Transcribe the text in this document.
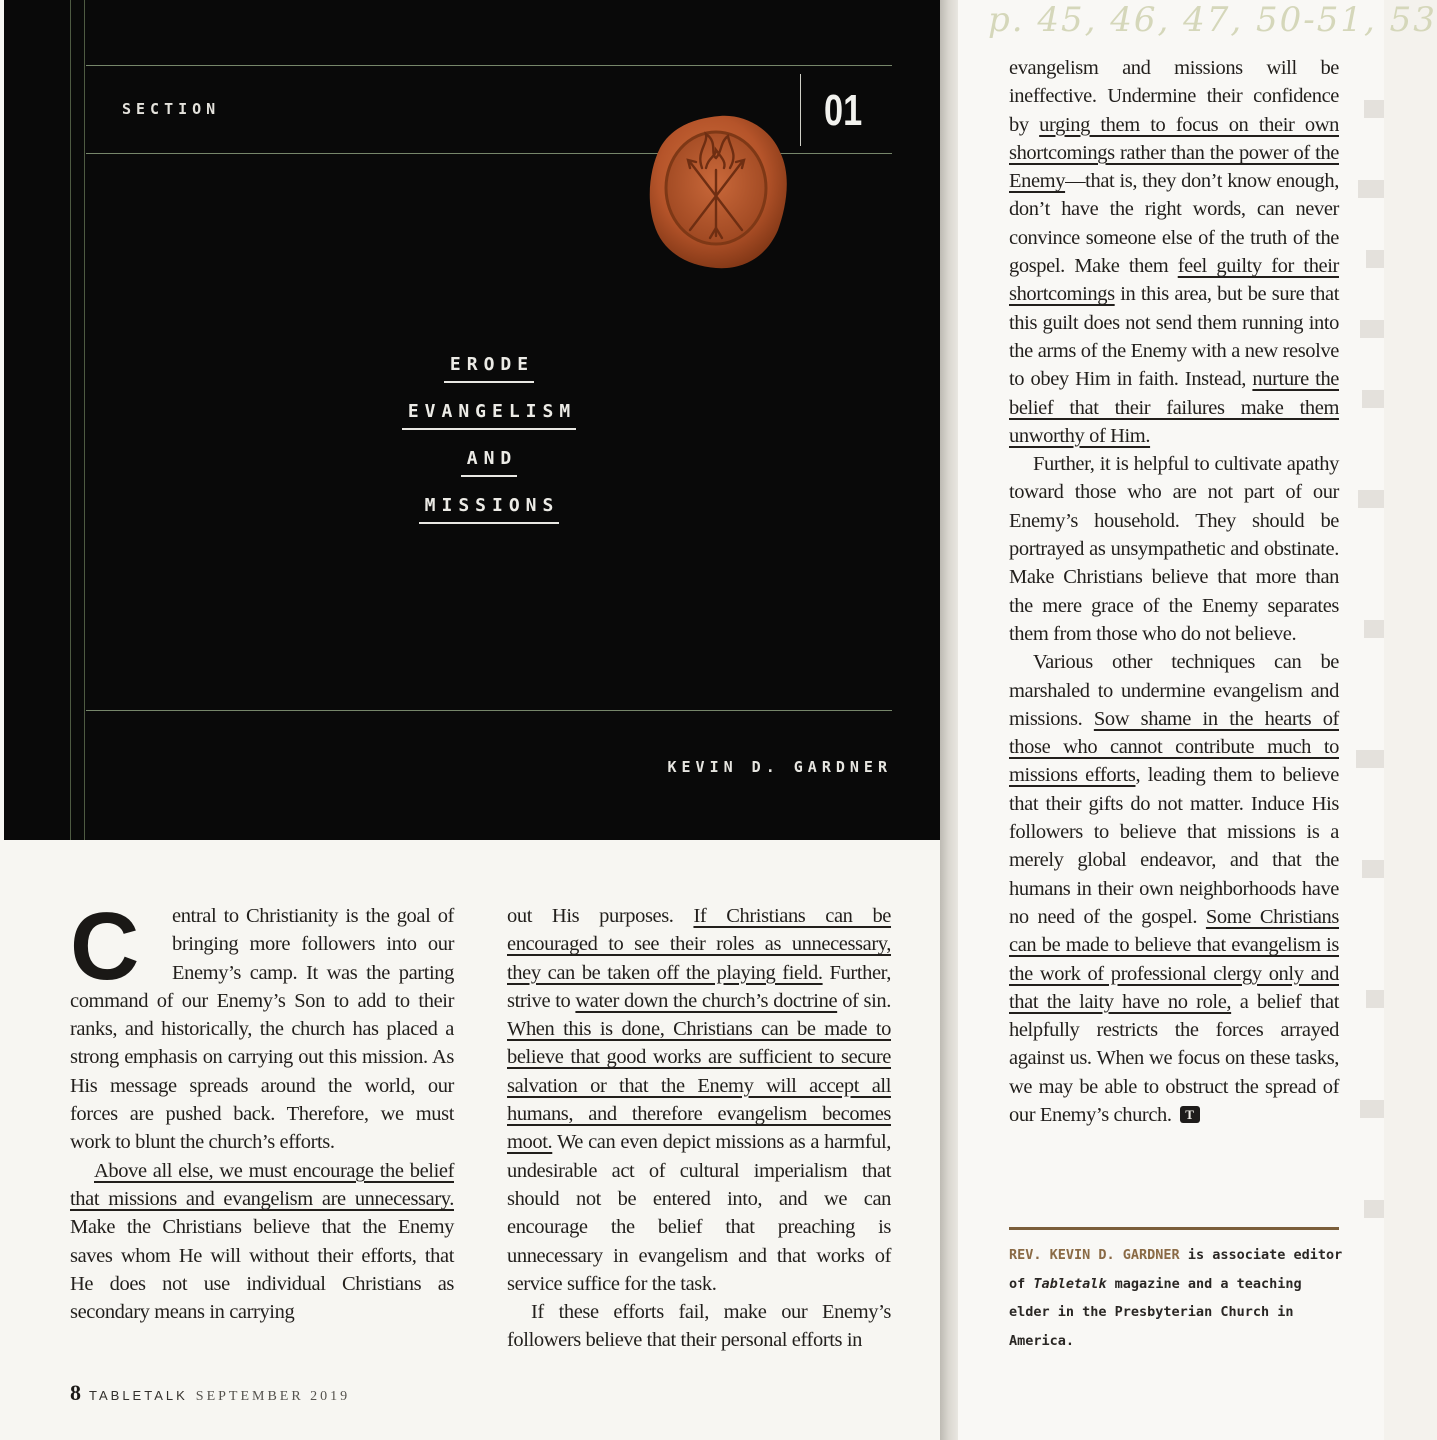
SECTION	01
ERODE
EVANGELISM
AND
MISSIONS
KEVIN D. GARDNER

C	entral to Christianity is the goal of bringing more followers into our Enemy’s camp. It was the parting command of our Enemy’s Son to add to their ranks, and historically, the church has placed a strong emphasis on carrying out this mission. As His message spreads around the world, our forces are pushed back. Therefore, we must work to blunt the church’s efforts.

Above all else, we must encourage the belief that missions and evangelism are unnecessary. Make the Christians believe that the Enemy saves whom He will without their efforts, that He does not use individual Christians as secondary means in carrying

out His purposes. If Christians can be encouraged to see their roles as unnecessary, they can be taken off the playing field. Further, strive to water down the church’s doctrine of sin. When this is done, Christians can be made to believe that good works are sufficient to secure salvation or that the Enemy will accept all humans, and therefore evangelism becomes moot. We can even depict missions as a harmful, undesirable act of cultural imperialism that should not be entered into, and we can encourage the belief that preaching is unnecessary in evangelism and that works of service suffice for the task.

If these efforts fail, make our Enemy’s followers believe that their personal efforts in

8 TABLETALK SEPTEMBER 2019
p. 45, 46, 47, 50-51, 53

evangelism and missions will be ineffective. Undermine their confidence by urging them to focus on their own shortcomings rather than the power of the Enemy—that is, they don’t know enough, don’t have the right words, can never convince someone else of the truth of the gospel. Make them feel guilty for their shortcomings in this area, but be sure that this guilt does not send them running into the arms of the Enemy with a new resolve to obey Him in faith. Instead, nurture the belief that their failures make them unworthy of Him.

Further, it is helpful to cultivate apathy toward those who are not part of our Enemy’s household. They should be portrayed as unsympathetic and obstinate. Make Christians believe that more than the mere grace of the Enemy separates them from those who do not believe.

Various other techniques can be marshaled to undermine evangelism and missions. Sow shame in the hearts of those who cannot contribute much to missions efforts, leading them to believe that their gifts do not matter. Induce His followers to believe that missions is a merely global endeavor, and that the humans in their own neighborhoods have no need of the gospel. Some Christians can be made to believe that evangelism is the work of professional clergy only and that the laity have no role, a belief that helpfully restricts the forces arrayed against us. When we focus on these tasks, we may be able to obstruct the spread of our Enemy’s church. T

REV. KEVIN D. GARDNER is associate editor of Tabletalk magazine and a teaching elder in the Presbyterian Church in America.
